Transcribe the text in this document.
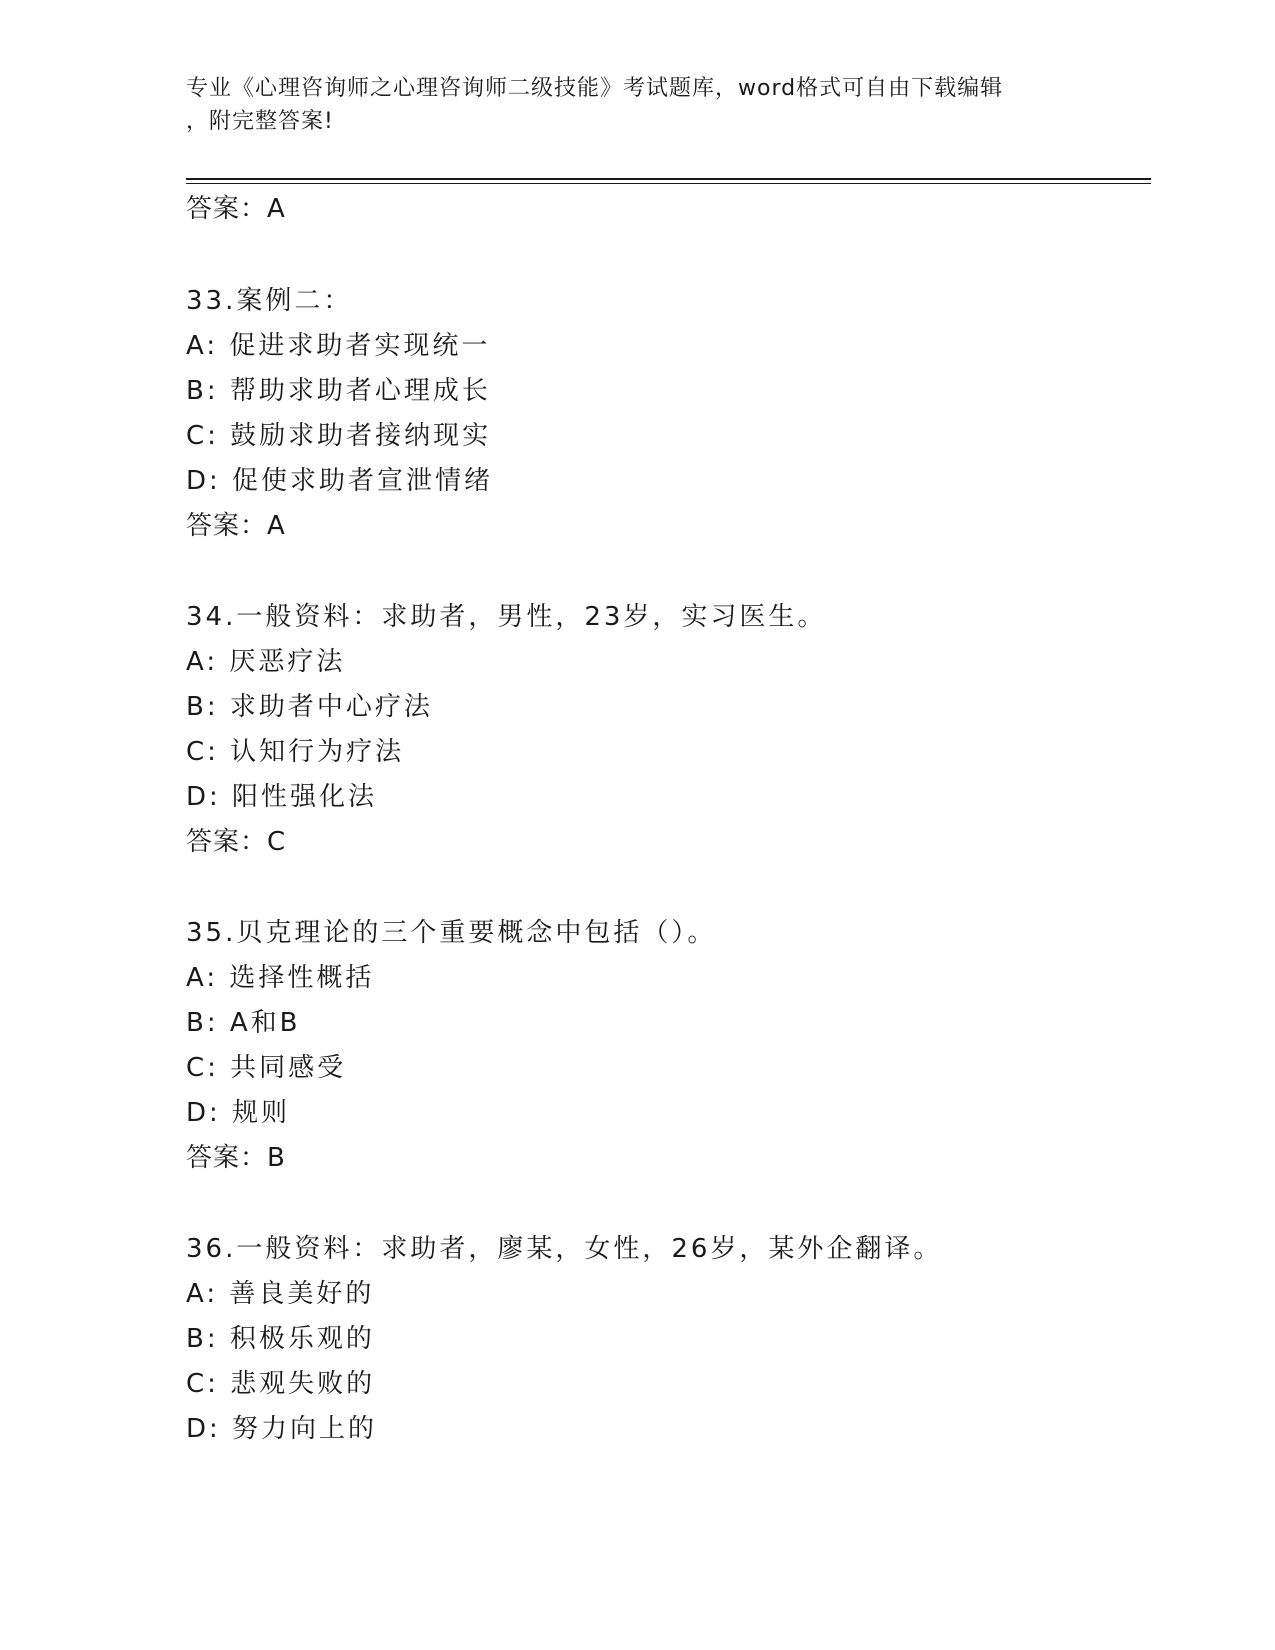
专业《心理咨询师之心理咨询师二级技能》考试题库，word格式可自由下载编辑
，附完整答案!
答案：A
33.案例二：
A: 促进求助者实现统一
B: 帮助求助者心理成长
C: 鼓励求助者接纳现实
D: 促使求助者宣泄情绪
答案：A
34.一般资料：求助者，男性，23岁，实习医生。
A: 厌恶疗法
B: 求助者中心疗法
C: 认知行为疗法
D: 阳性强化法
答案：C
35.贝克理论的三个重要概念中包括（）。
A: 选择性概括
B: A和B
C: 共同感受
D: 规则
答案：B
36.一般资料：求助者，廖某，女性，26岁，某外企翻译。
A: 善良美好的
B: 积极乐观的
C: 悲观失败的
D: 努力向上的
